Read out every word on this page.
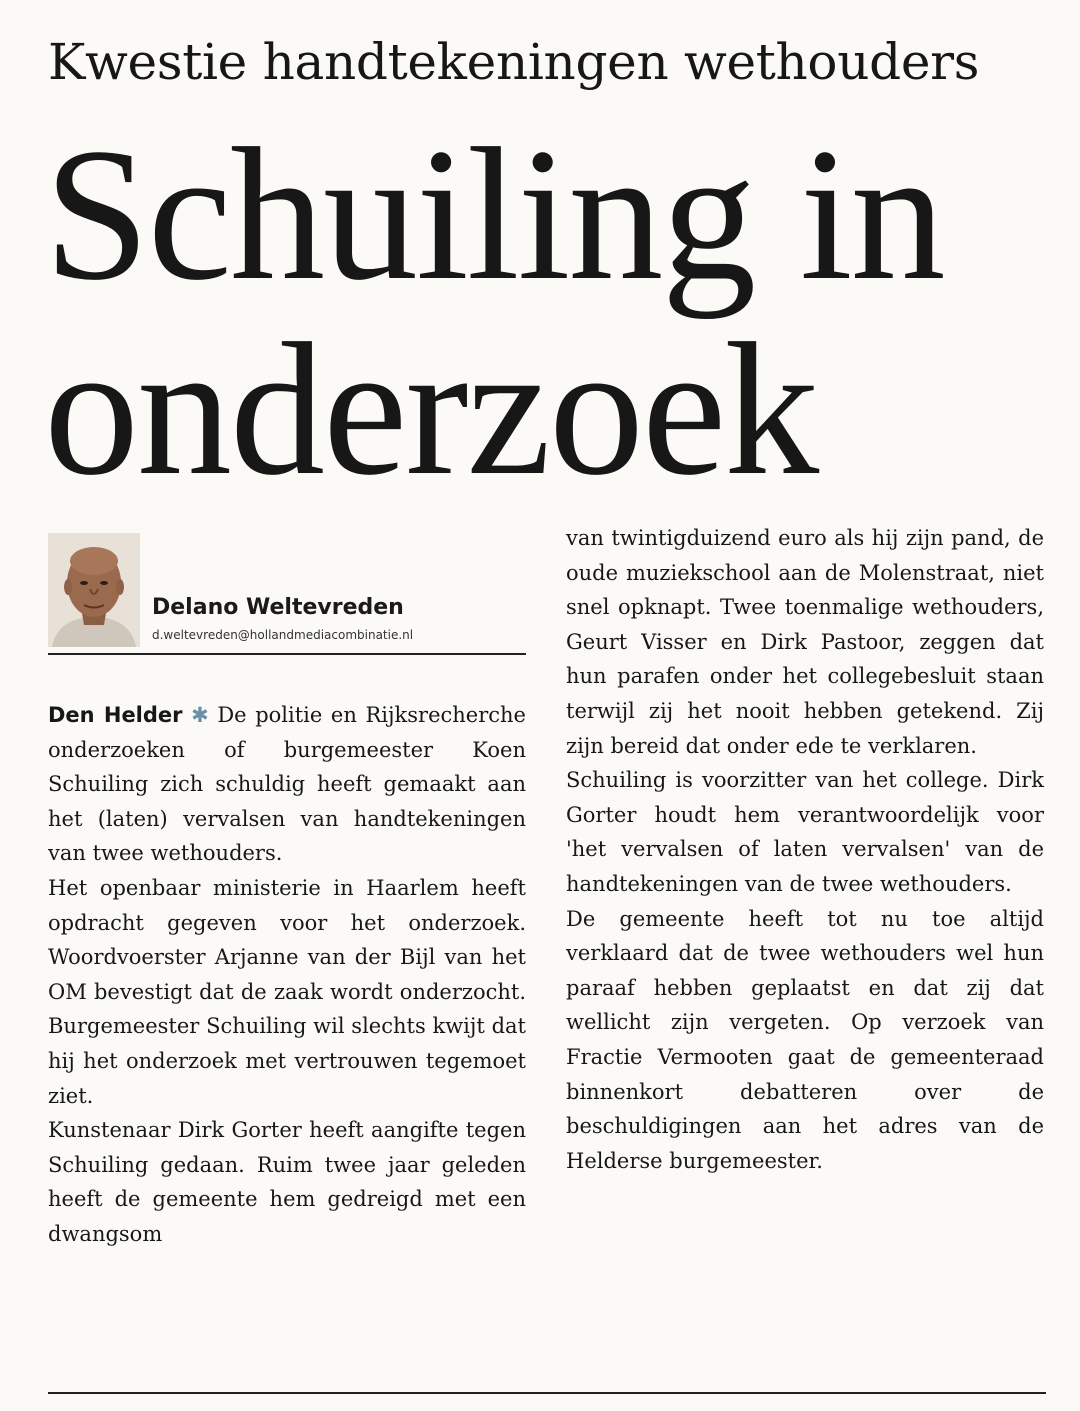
Kwestie handtekeningen wethouders
Schuiling in
onderzoek
Delano Weltevreden
d.weltevreden@hollandmediacombinatie.nl

Den Helder ✱ De politie en Rijksrecherche onderzoeken of burgemeester Koen Schuiling zich schuldig heeft gemaakt aan het (laten) vervalsen van handtekeningen van twee wethouders.

Het openbaar ministerie in Haarlem heeft opdracht gegeven voor het onderzoek. Woordvoerster Arjanne van der Bijl van het OM bevestigt dat de zaak wordt onderzocht. Burgemeester Schuiling wil slechts kwijt dat hij het onderzoek met vertrouwen tegemoet ziet.

Kunstenaar Dirk Gorter heeft aangifte tegen Schuiling gedaan. Ruim twee jaar geleden heeft de gemeente hem gedreigd met een dwangsom

van twintigduizend euro als hij zijn pand, de oude muziekschool aan de Molenstraat, niet snel opknapt. Twee toenmalige wethouders, Geurt Visser en Dirk Pastoor, zeggen dat hun parafen onder het collegebesluit staan terwijl zij het nooit hebben getekend. Zij zijn bereid dat onder ede te verklaren.

Schuiling is voorzitter van het college. Dirk Gorter houdt hem verantwoordelijk voor 'het vervalsen of laten vervalsen' van de handtekeningen van de twee wethouders.

De gemeente heeft tot nu toe altijd verklaard dat de twee wethouders wel hun paraaf hebben geplaatst en dat zij dat wellicht zijn vergeten. Op verzoek van Fractie Vermooten gaat de gemeenteraad binnenkort debatteren over de beschuldigingen aan het adres van de Helderse burgemeester.
